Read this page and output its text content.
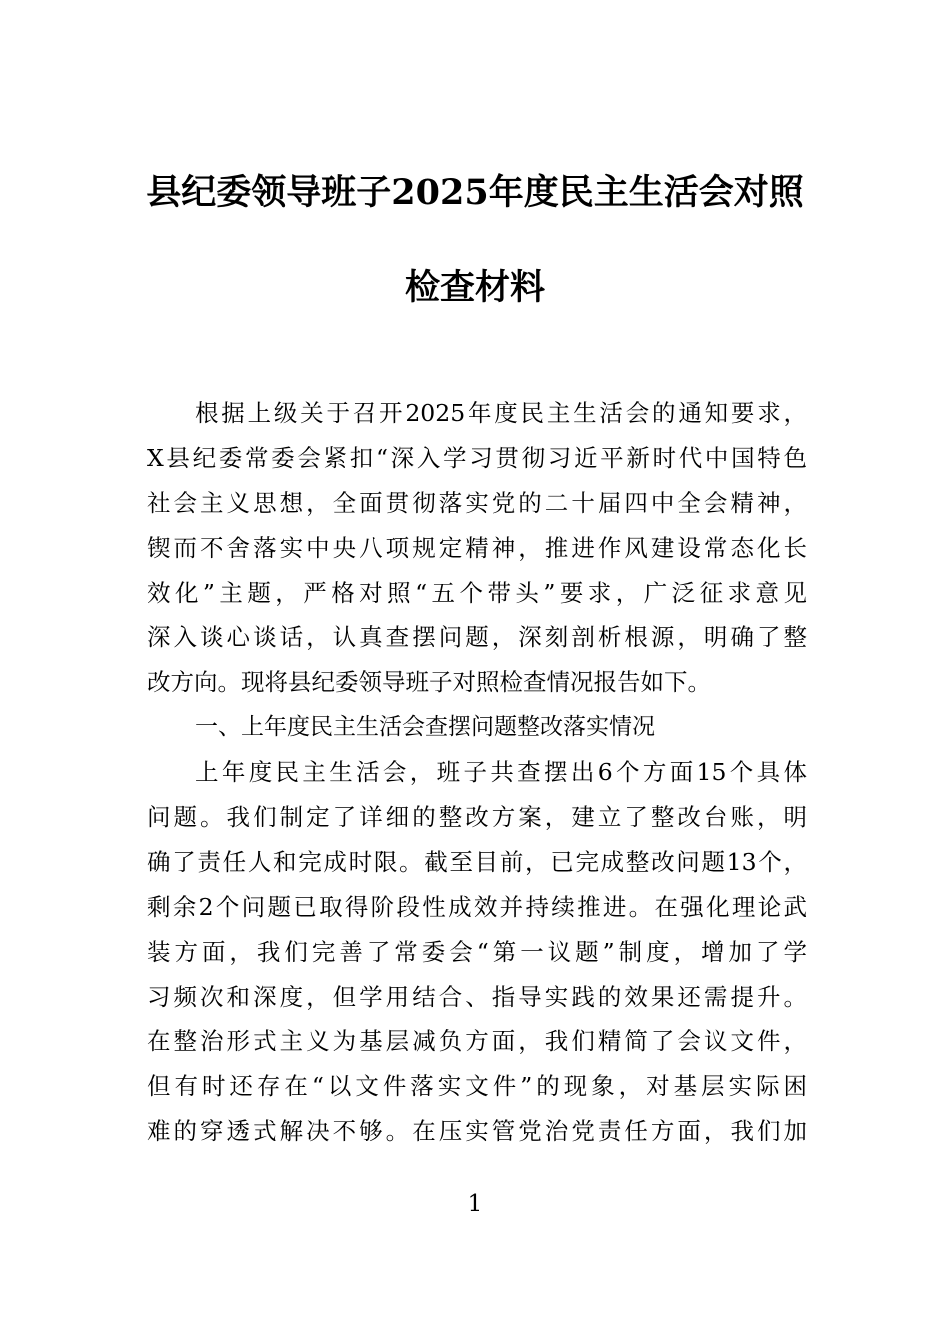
县纪委领导班子2025年度民主生活会对照
检查材料
根据上级关于召开2025年度民主生活会的通知要求，
X县纪委常委会紧扣“深入学习贯彻习近平新时代中国特色
社会主义思想，全面贯彻落实党的二十届四中全会精神，
锲而不舍落实中央八项规定精神，推进作风建设常态化长
效化”主题，严格对照“五个带头”要求，广泛征求意见
深入谈心谈话，认真查摆问题，深刻剖析根源，明确了整
改方向。现将县纪委领导班子对照检查情况报告如下。
一、上年度民主生活会查摆问题整改落实情况
上年度民主生活会，班子共查摆出6个方面15个具体
问题。我们制定了详细的整改方案，建立了整改台账，明
确了责任人和完成时限。截至目前，已完成整改问题13个，
剩余2个问题已取得阶段性成效并持续推进。在强化理论武
装方面，我们完善了常委会“第一议题”制度，增加了学
习频次和深度，但学用结合、指导实践的效果还需提升。
在整治形式主义为基层减负方面，我们精简了会议文件，
但有时还存在“以文件落实文件”的现象，对基层实际困
难的穿透式解决不够。在压实管党治党责任方面，我们加
1
